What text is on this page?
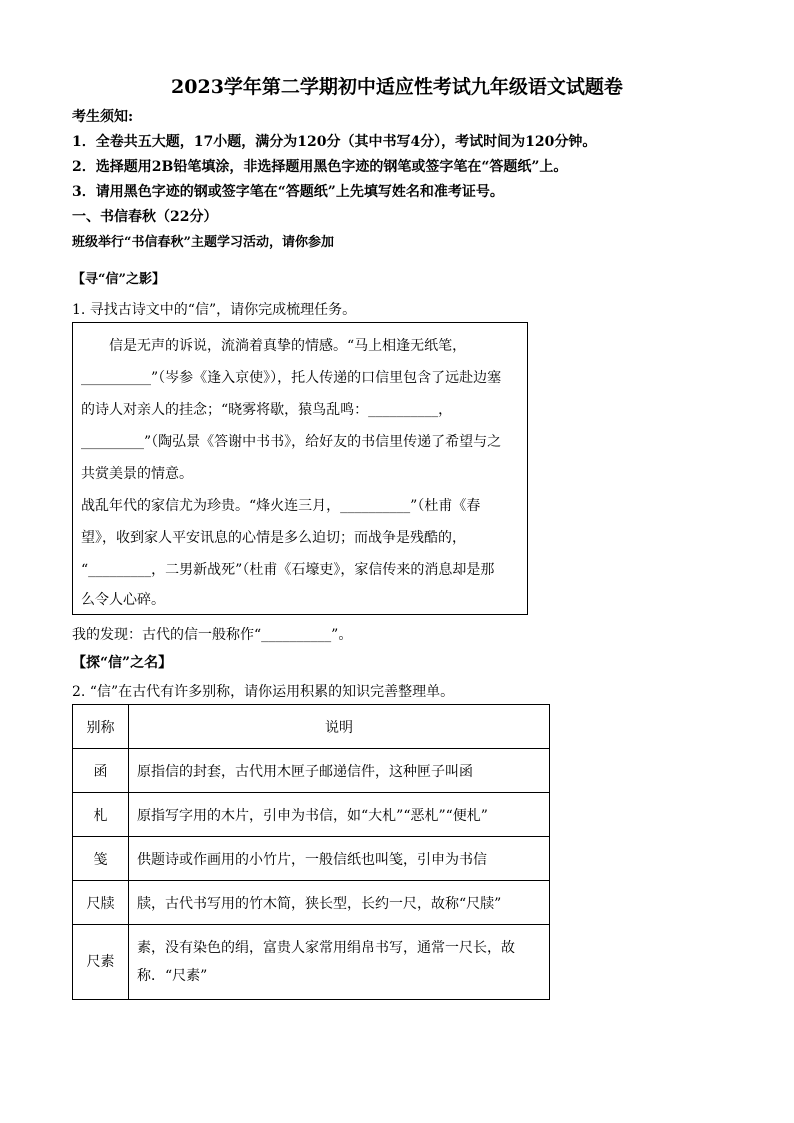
2023学年第二学期初中适应性考试九年级语文试题卷
考生须知:
1．全卷共五大题，17小题，满分为120分（其中书写4分），考试时间为120分钟。
2．选择题用2B铅笔填涂，非选择题用黑色字迹的钢笔或签字笔在“答题纸”上。
3．请用黑色字迹的钢或签字笔在“答题纸”上先填写姓名和准考证号。
一、书信春秋（22分）
班级举行“书信春秋”主题学习活动，请你参加
【寻“信”之影】
1. 寻找古诗文中的“信”，请你完成梳理任务。
信是无声的诉说，流淌着真挚的情感。“马上相逢无纸笔，
__________”（岑参《逢入京使》），托人传递的口信里包含了远赴边塞
的诗人对亲人的挂念；“晓雾将歇，猿鸟乱鸣：__________，
_________”（陶弘景《答谢中书书》，给好友的书信里传递了希望与之
共赏美景的情意。
战乱年代的家信尤为珍贵。“烽火连三月，__________”（杜甫《春
望》，收到家人平安讯息的心情是多么迫切；而战争是残酷的，
“_________，二男新战死”（杜甫《石壕吏》，家信传来的消息却是那
么令人心碎。
我的发现：古代的信一般称作“__________”。
【探“信”之名】
2. “信”在古代有许多别称，请你运用积累的知识完善整理单。
别称	说明
函	原指信的封套，古代用木匣子邮递信件，这种匣子叫函
札	原指写字用的木片，引申为书信，如“大札”“恶札”“便札”
笺	供题诗或作画用的小竹片，一般信纸也叫笺，引申为书信
尺牍	牍，古代书写用的竹木简，狭长型，长约一尺，故称“尺牍”
尺素	素，没有染色的绢，富贵人家常用绢帛书写，通常一尺长，故
称．“尺素”
